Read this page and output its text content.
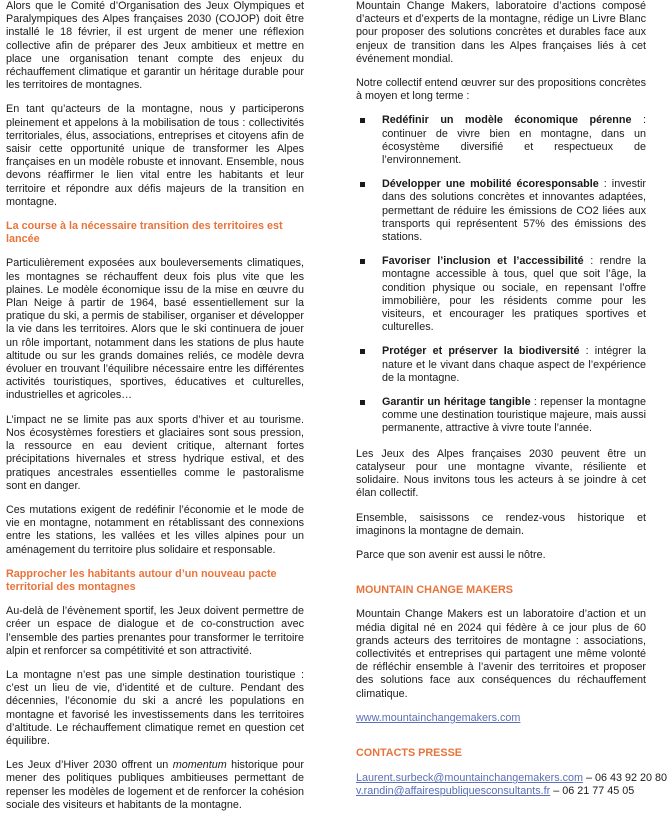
Alors que le Comité d’Organisation des Jeux Olympiques et Paralympiques des Alpes françaises 2030 (COJOP) doit être installé le 18 février, il est urgent de mener une réflexion collective afin de préparer des Jeux ambitieux et mettre en place une organisation tenant compte des enjeux du réchauffement climatique et garantir un héritage durable pour les territoires de montagnes.

En tant qu’acteurs de la montagne, nous y participerons pleinement et appelons à la mobilisation de tous : collectivités territoriales, élus, associations, entreprises et citoyens afin de saisir cette opportunité unique de transformer les Alpes françaises en un modèle robuste et innovant. Ensemble, nous devons réaffirmer le lien vital entre les habitants et leur territoire et répondre aux défis majeurs de la transition en montagne.

La course à la nécessaire transition des territoires est lancée

Particulièrement exposées aux bouleversements climatiques, les montagnes se réchauffent deux fois plus vite que les plaines. Le modèle économique issu de la mise en œuvre du Plan Neige à partir de 1964, basé essentiellement sur la pratique du ski, a permis de stabiliser, organiser et développer la vie dans les territoires. Alors que le ski continuera de jouer un rôle important, notamment dans les stations de plus haute altitude ou sur les grands domaines reliés, ce modèle devra évoluer en trouvant l’équilibre nécessaire entre les différentes activités touristiques, sportives, éducatives et culturelles, industrielles et agricoles…

L’impact ne se limite pas aux sports d’hiver et au tourisme. Nos écosystèmes forestiers et glaciaires sont sous pression, la ressource en eau devient critique, alternant fortes précipitations hivernales et stress hydrique estival, et des pratiques ancestrales essentielles comme le pastoralisme sont en danger.

Ces mutations exigent de redéfinir l’économie et le mode de vie en montagne, notamment en rétablissant des connexions entre les stations, les vallées et les villes alpines pour un aménagement du territoire plus solidaire et responsable.

Rapprocher les habitants autour d’un nouveau pacte territorial des montagnes

Au-delà de l’évènement sportif, les Jeux doivent permettre de créer un espace de dialogue et de co-construction avec l’ensemble des parties prenantes pour transformer le territoire alpin et renforcer sa compétitivité et son attractivité.

La montagne n’est pas une simple destination touristique : c’est un lieu de vie, d’identité et de culture. Pendant des décennies, l’économie du ski a ancré les populations en montagne et favorisé les investissements dans les territoires d’altitude. Le réchauffement climatique remet en question cet équilibre.

Les Jeux d’Hiver 2030 offrent un momentum historique pour mener des politiques publiques ambitieuses permettant de repenser les modèles de logement et de renforcer la cohésion sociale des visiteurs et habitants de la montagne.

Mountain Change Makers, laboratoire d’actions composé d’acteurs et d’experts de la montagne, rédige un Livre Blanc pour proposer des solutions concrètes et durables face aux enjeux de transition dans les Alpes françaises liés à cet événement mondial.

Notre collectif entend œuvrer sur des propositions concrètes à moyen et long terme :

Redéfinir un modèle économique pérenne : continuer de vivre bien en montagne, dans un écosystème diversifié et respectueux de l’environnement.
Développer une mobilité écoresponsable : investir dans des solutions concrètes et innovantes adaptées, permettant de réduire les émissions de CO2 liées aux transports qui représentent 57% des émissions des stations.
Favoriser l’inclusion et l’accessibilité : rendre la montagne accessible à tous, quel que soit l’âge, la condition physique ou sociale, en repensant l’offre immobilière, pour les résidents comme pour les visiteurs, et encourager les pratiques sportives et culturelles.
Protéger et préserver la biodiversité : intégrer la nature et le vivant dans chaque aspect de l’expérience de la montagne.
Garantir un héritage tangible : repenser la montagne comme une destination touristique majeure, mais aussi permanente, attractive à vivre toute l’année.

Les Jeux des Alpes françaises 2030 peuvent être un catalyseur pour une montagne vivante, résiliente et solidaire. Nous invitons tous les acteurs à se joindre à cet élan collectif.

Ensemble, saisissons ce rendez-vous historique et imaginons la montagne de demain.

Parce que son avenir est aussi le nôtre.

MOUNTAIN CHANGE MAKERS

Mountain Change Makers est un laboratoire d’action et un média digital né en 2024 qui fédère à ce jour plus de 60 grands acteurs des territoires de montagne : associations, collectivités et entreprises qui partagent une même volonté de réfléchir ensemble à l’avenir des territoires et proposer des solutions face aux conséquences du réchauffement climatique.

www.mountainchangemakers.com

CONTACTS PRESSE

Laurent.surbeck@mountainchangemakers.com – 06 43 92 20 80

v.randin@affairespubliquesconsultants.fr – 06 21 77 45 05
